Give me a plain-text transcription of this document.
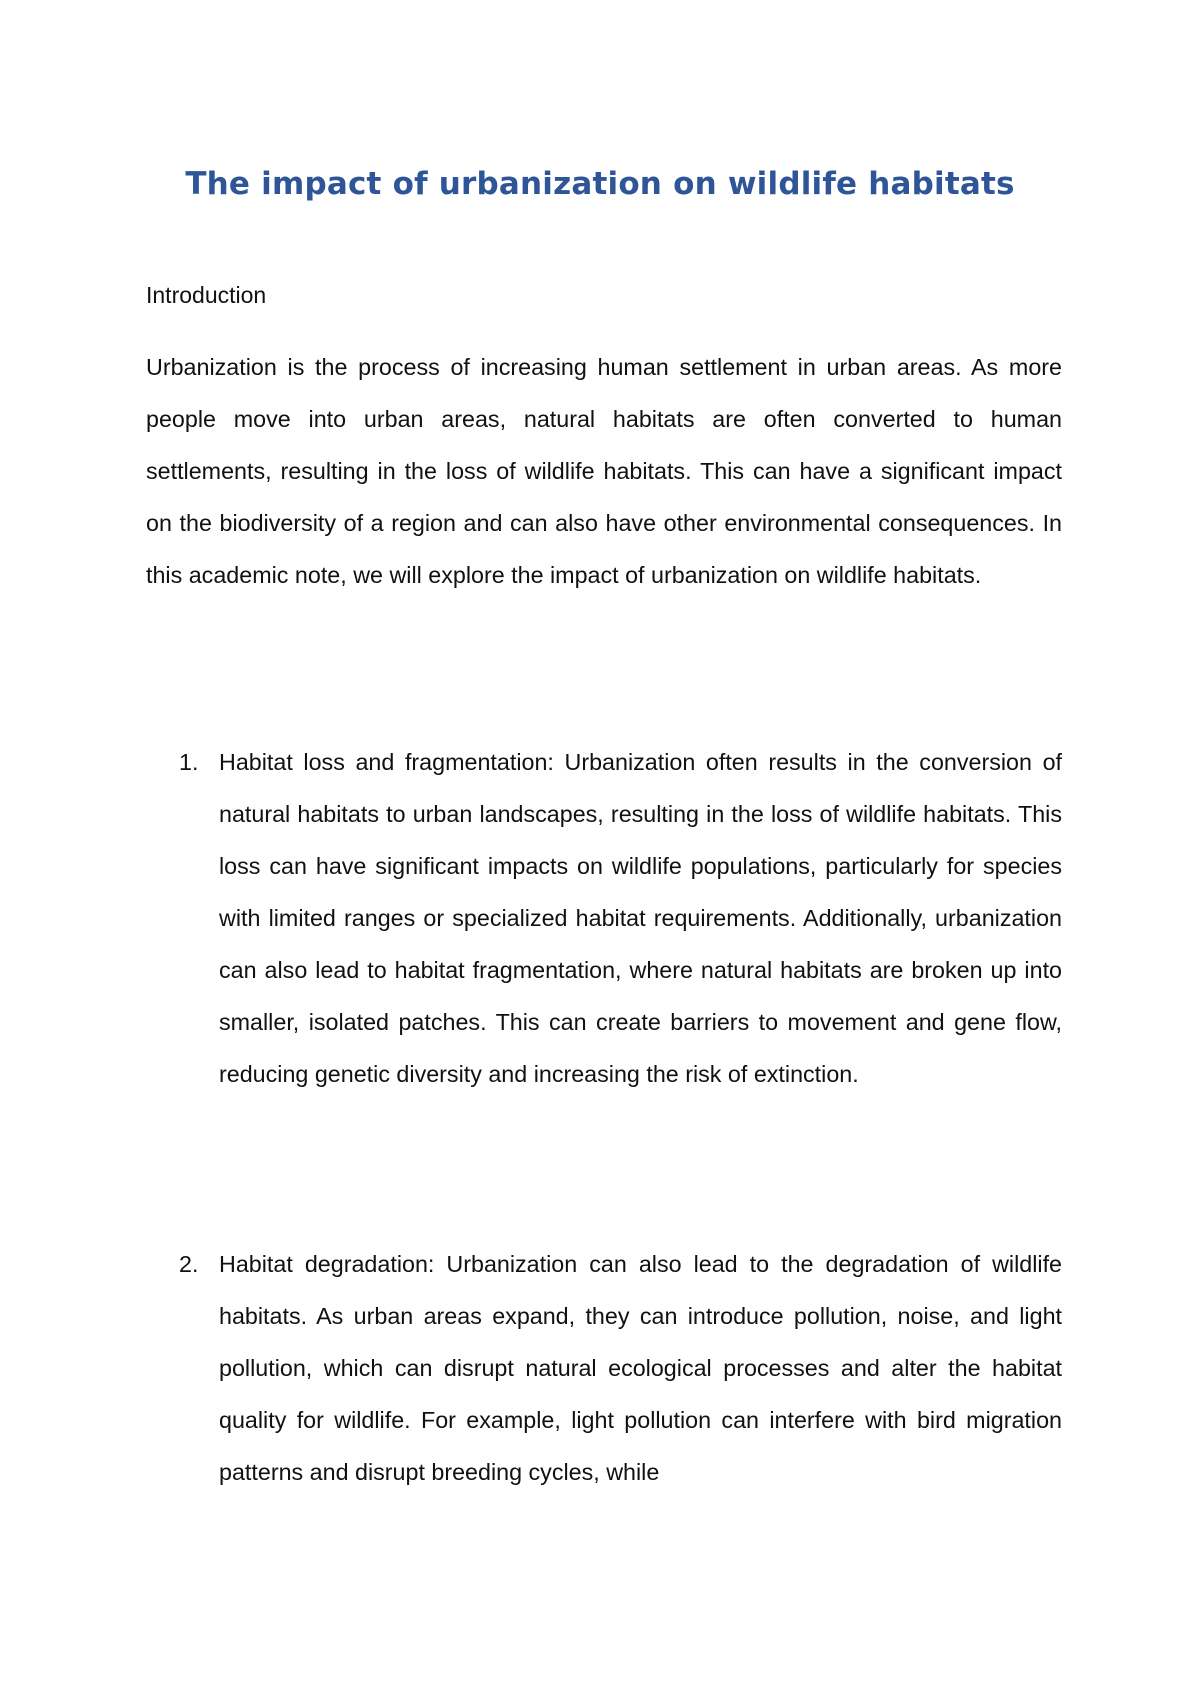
The impact of urbanization on wildlife habitats

Introduction

Urbanization is the process of increasing human settlement in urban areas. As more people move into urban areas, natural habitats are often converted to human settlements, resulting in the loss of wildlife habitats. This can have a significant impact on the biodiversity of a region and can also have other environmental consequences. In this academic note, we will explore the impact of urbanization on wildlife habitats.

1. Habitat loss and fragmentation: Urbanization often results in the conversion of natural habitats to urban landscapes, resulting in the loss of wildlife habitats. This loss can have significant impacts on wildlife populations, particularly for species with limited ranges or specialized habitat requirements. Additionally, urbanization can also lead to habitat fragmentation, where natural habitats are broken up into smaller, isolated patches. This can create barriers to movement and gene flow, reducing genetic diversity and increasing the risk of extinction.

2. Habitat degradation: Urbanization can also lead to the degradation of wildlife habitats. As urban areas expand, they can introduce pollution, noise, and light pollution, which can disrupt natural ecological processes and alter the habitat quality for wildlife. For example, light pollution can interfere with bird migration patterns and disrupt breeding cycles, while
